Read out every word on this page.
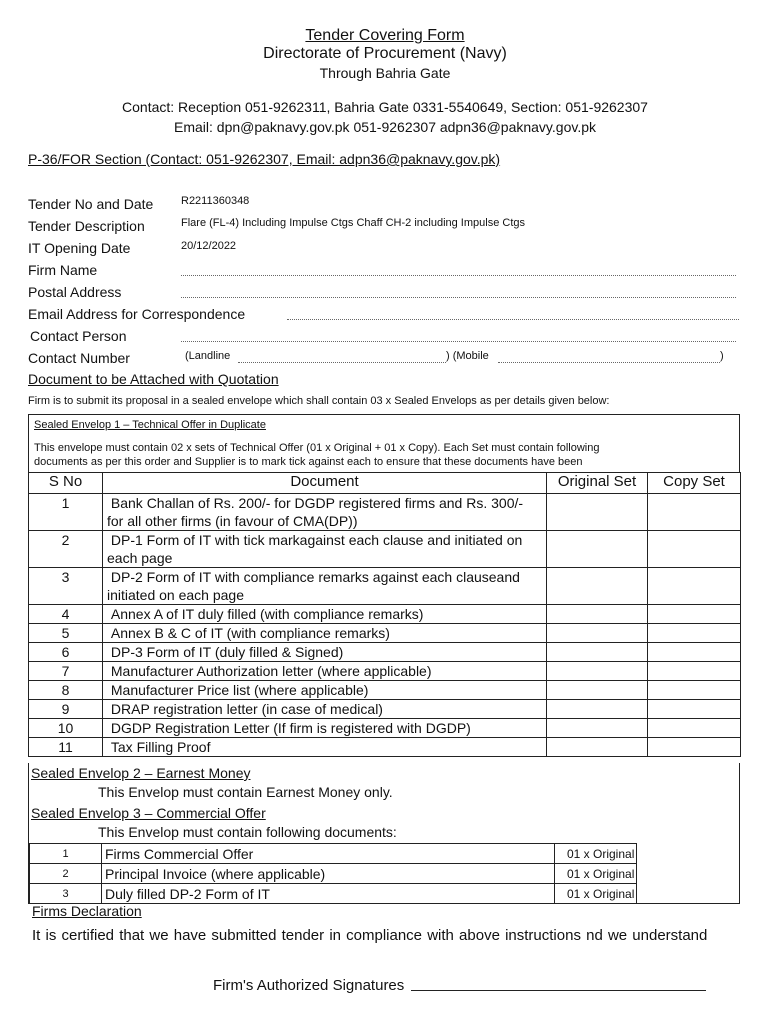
Tender Covering Form
Directorate of Procurement (Navy)
Through Bahria Gate
Contact: Reception 051-9262311, Bahria Gate 0331-5540649, Section: 051-9262307
Email: dpn@paknavy.gov.pk 051-9262307 adpn36@paknavy.gov.pk
P-36/FOR Section (Contact: 051-9262307, Email: adpn36@paknavy.gov.pk)
Tender No and Date	R2211360348
Tender Description	Flare (FL-4) Including Impulse Ctgs Chaff CH-2 including Impulse Ctgs
IT Opening Date	20/12/2022
Firm Name
Postal Address
Email Address for Correspondence
Contact Person
Contact Number	(Landline	) (Mobile	)
Document to be Attached with Quotation
Firm is to submit its proposal in a sealed envelope which shall contain 03 x Sealed Envelops as per details given below:
Sealed Envelop 1 – Technical Offer in Duplicate
This envelope must contain 02 x sets of Technical Offer (01 x Original + 01 x Copy). Each Set must contain following
documents as per this order and Supplier is to mark tick against each to ensure that these documents have been
S No	Document	Original Set	Copy Set
1	Bank Challan of Rs. 200/- for DGDP registered firms and Rs. 300/- for all other firms (in favour of CMA(DP))		
2	DP-1 Form of IT with tick markagainst each clause and initiated on each page		
3	DP-2 Form of IT with compliance remarks against each clauseand initiated on each page		
4	Annex A of IT duly filled (with compliance remarks)		
5	Annex B & C of IT (with compliance remarks)		
6	DP-3 Form of IT (duly filled & Signed)		
7	Manufacturer Authorization letter (where applicable)		
8	Manufacturer Price list (where applicable)		
9	DRAP registration letter (in case of medical)		
10	DGDP Registration Letter (If firm is registered with DGDP)		
11	Tax Filling Proof		
Sealed Envelop 2 – Earnest Money
This Envelop must contain Earnest Money only.
Sealed Envelop 3 – Commercial Offer
This Envelop must contain following documents:
1	Firms Commercial Offer	01 x Original
2	Principal Invoice (where applicable)	01 x Original
3	Duly filled DP-2 Form of IT	01 x Original
Firms Declaration
It is certified that we have submitted tender in compliance with above instructions nd we understand
Firm's Authorized Signatures
